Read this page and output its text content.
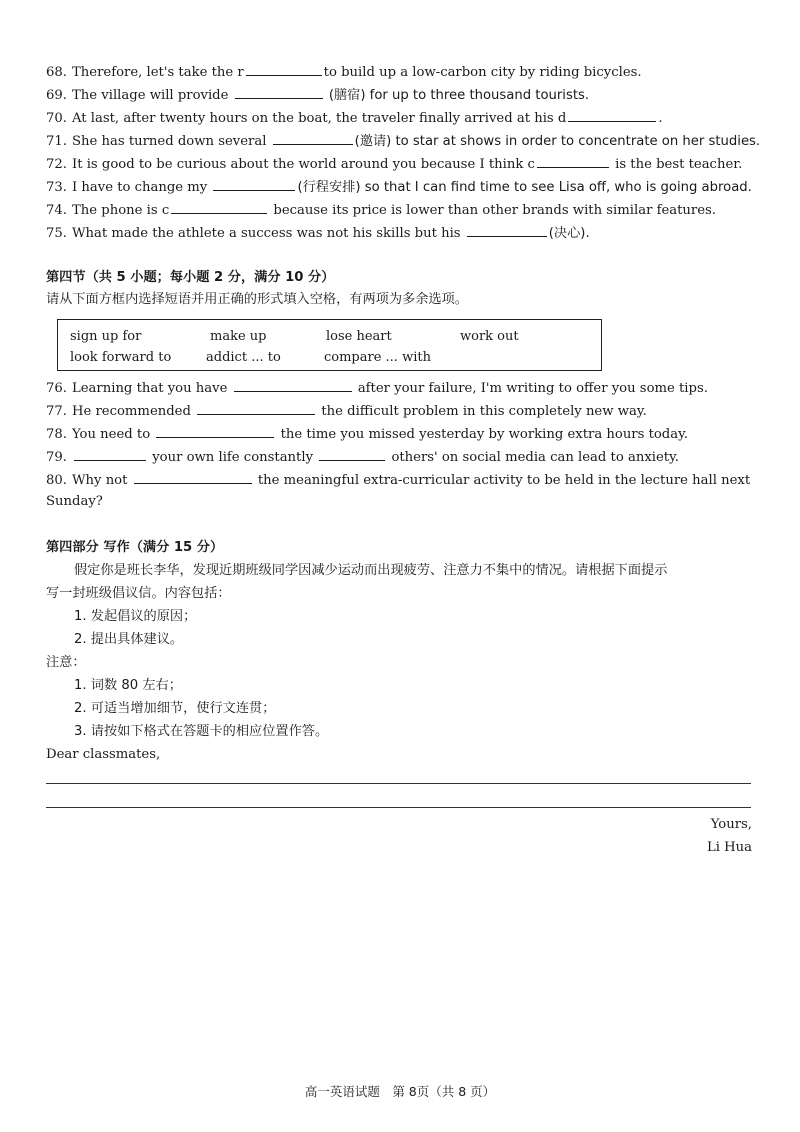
68. Therefore, let's take the r	to build up a low-carbon city by riding bicycles.
69. The village will provide	(膳宿) for up to three thousand tourists.
70. At last, after twenty hours on the boat, the traveler finally arrived at his d	.
71. She has turned down several	(邀请) to star at shows in order to concentrate on her studies.
72. It is good to be curious about the world around you because I think c	is the best teacher.
73. I have to change my	(行程安排) so that I can find time to see Lisa off, who is going abroad.
74. The phone is c	because its price is lower than other brands with similar features.
75. What made the athlete a success was not his skills but his	(决心).
第四节（共 5 小题；每小题 2 分，满分 10 分）
请从下面方框内选择短语并用正确的形式填入空格，有两项为多余选项。
sign up for	make up	lose heart	work out
look forward to	addict ... to	compare ... with
76. Learning that you have	after your failure, I'm writing to offer you some tips.
77. He recommended	the difficult problem in this completely new way.
78. You need to	the time you missed yesterday by working extra hours today.
79.	your own life constantly	others' on social media can lead to anxiety.
80. Why not	the meaningful extra-curricular activity to be held in the lecture hall next
Sunday?
第四部分 写作（满分 15 分）
假定你是班长李华，发现近期班级同学因减少运动而出现疲劳、注意力不集中的情况。请根据下面提示
写一封班级倡议信。内容包括：
1. 发起倡议的原因；
2. 提出具体建议。
注意：
1. 词数 80 左右；
2. 可适当增加细节，使行文连贯；
3. 请按如下格式在答题卡的相应位置作答。
Dear classmates,
Yours,
Li Hua
高一英语试题　第 8页（共 8 页）
